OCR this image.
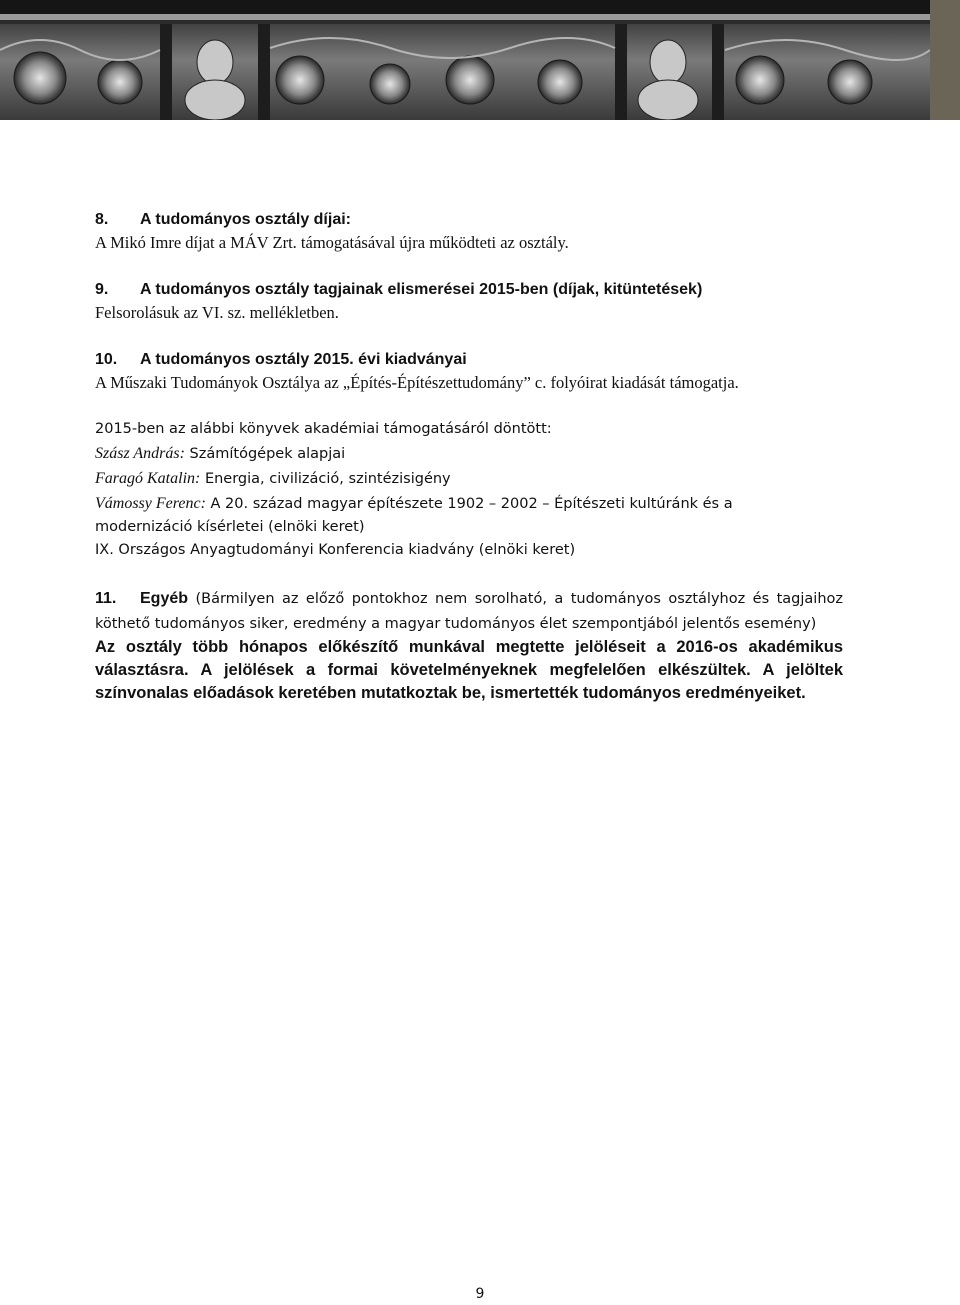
8. A tudományos osztály díjai:
A Mikó Imre díjat a MÁV Zrt. támogatásával újra működteti az osztály.
9. A tudományos osztály tagjainak elismerései 2015-ben (díjak, kitüntetések)
Felsorolásuk az VI. sz. mellékletben.
10. A tudományos osztály 2015. évi kiadványai
A Műszaki Tudományok Osztálya az „Építés-Építészettudomány” c. folyóirat kiadását támogatja.
2015-ben az alábbi könyvek akadémiai támogatásáról döntött:
Szász András: Számítógépek alapjai
Faragó Katalin: Energia, civilizáció, szintézisigény
Vámossy Ferenc: A 20. század magyar építészete 1902 – 2002 – Építészeti kultúránk és a
modernizáció kísérletei (elnöki keret)
IX. Országos Anyagtudományi Konferencia kiadvány (elnöki keret)
11. Egyéb (Bármilyen az előző pontokhoz nem sorolható, a tudományos osztályhoz és tagjaihoz köthető tudományos siker, eredmény a magyar tudományos élet szempontjából jelentős esemény)
Az osztály több hónapos előkészítő munkával megtette jelöléseit a 2016-os akadémikus választásra. A jelölések a formai követelményeknek megfelelően elkészültek. A jelöltek színvonalas előadások keretében mutatkoztak be, ismertették tudományos eredményeiket.
9
